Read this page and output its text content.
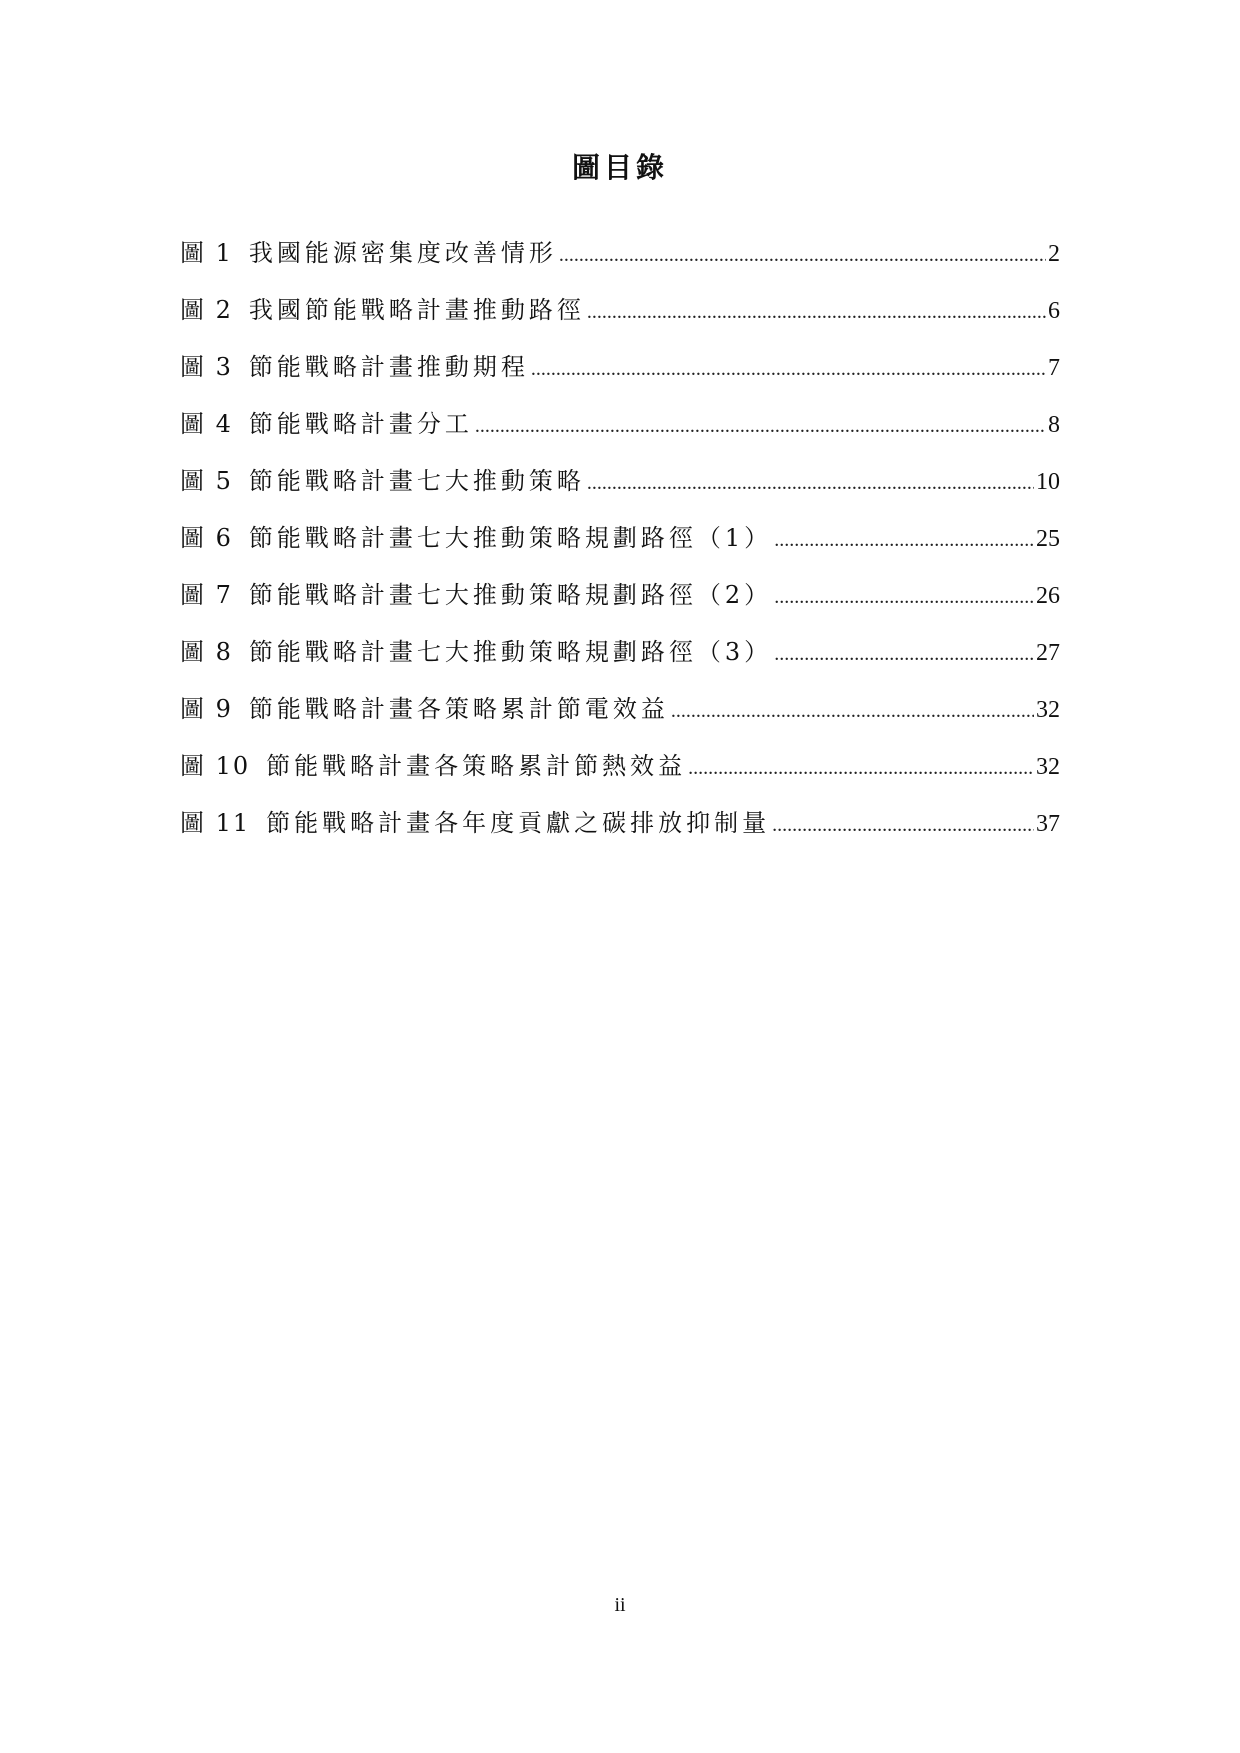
圖目錄
圖 1 我國能源密集度改善情形 .....	2
圖 2 我國節能戰略計畫推動路徑 .....	6
圖 3 節能戰略計畫推動期程 .....	7
圖 4 節能戰略計畫分工 .....	8
圖 5 節能戰略計畫七大推動策略 .....	10
圖 6 節能戰略計畫七大推動策略規劃路徑（1） .....	25
圖 7 節能戰略計畫七大推動策略規劃路徑（2） .....	26
圖 8 節能戰略計畫七大推動策略規劃路徑（3） .....	27
圖 9 節能戰略計畫各策略累計節電效益 .....	32
圖 10 節能戰略計畫各策略累計節熱效益 .....	32
圖 11 節能戰略計畫各年度貢獻之碳排放抑制量 .....	37
ii
